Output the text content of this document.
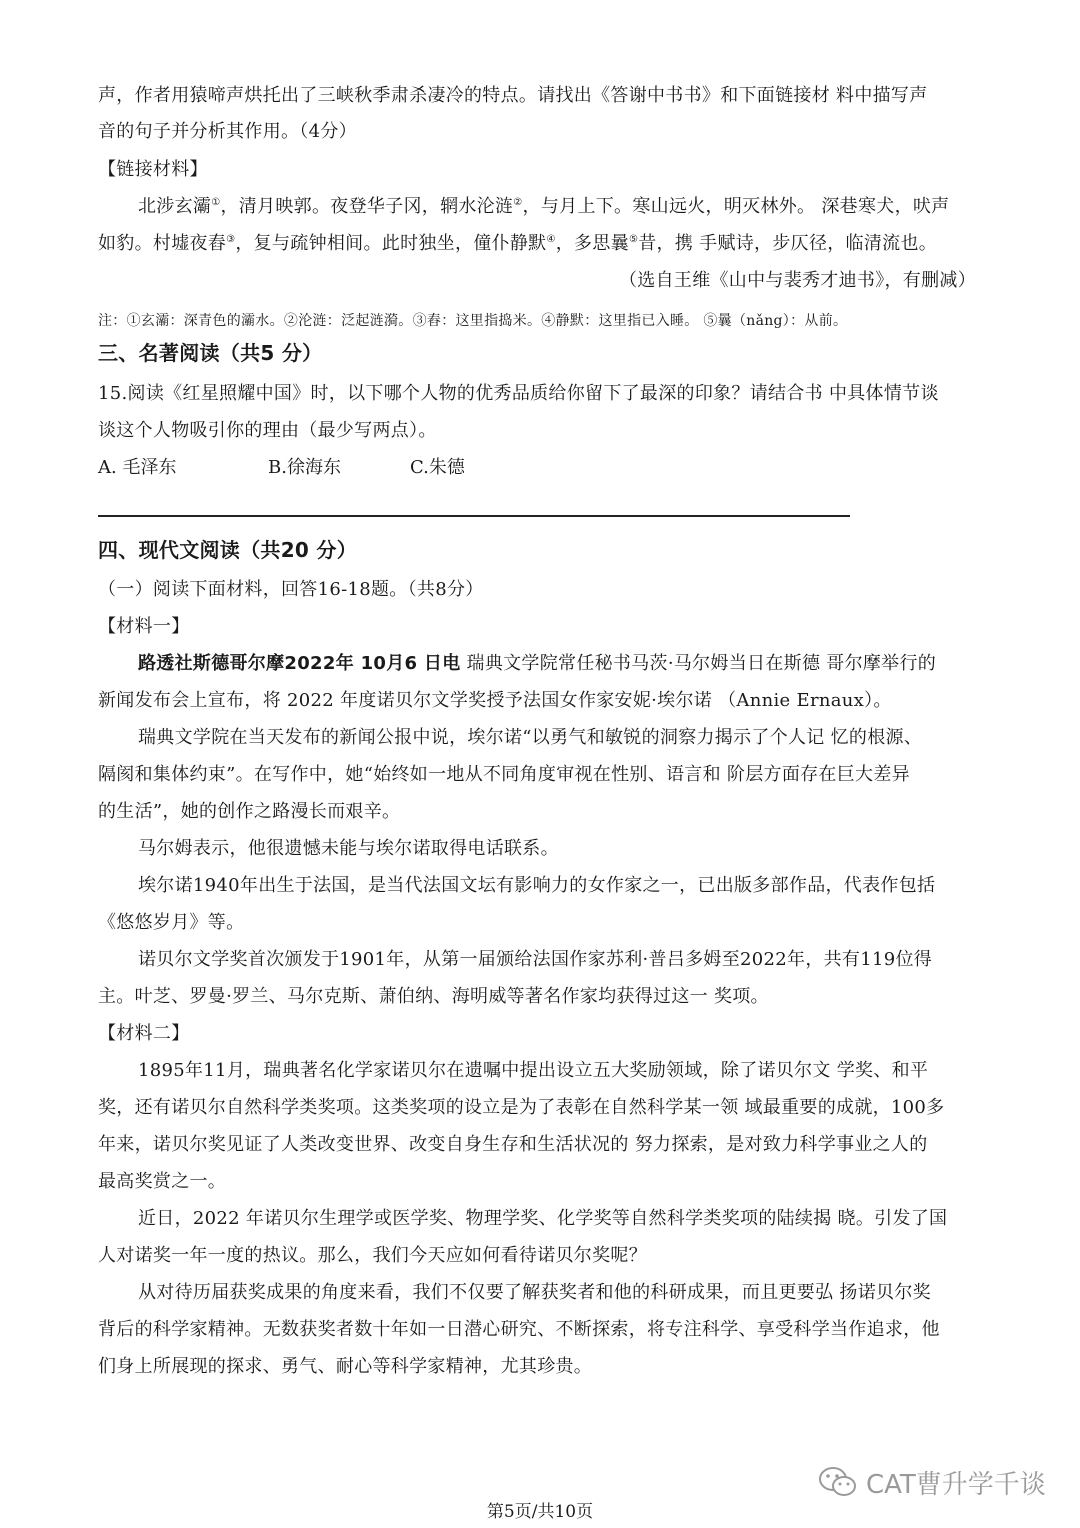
声，作者用猿啼声烘托出了三峡秋季肃杀凄冷的特点。请找出《答谢中书书》和下面链接材 料中描写声
音的句子并分析其作用。（4分）
【链接材料】
北涉玄灞①，清月映郭。夜登华子冈，辋水沦涟②，与月上下。寒山远火，明灭林外。 深巷寒犬，吠声
如豹。村墟夜舂③，复与疏钟相间。此时独坐，僮仆静默④，多思曩⑤昔，携 手赋诗，步仄径，临清流也。
（选自王维《山中与裴秀才迪书》，有删减）
注：①玄灞：深青色的灞水。②沦涟：泛起涟漪。③舂：这里指捣米。④静默：这里指已入睡。 ⑤曩（nǎng）：从前。
三、名著阅读（共5 分）
15.阅读《红星照耀中国》时，以下哪个人物的优秀品质给你留下了最深的印象？请结合书 中具体情节谈
谈这个人物吸引你的理由（最少写两点）。
A. 毛泽东	B.徐海东	C.朱德
四、现代文阅读（共20 分）
（一）阅读下面材料，回答16-18题。（共8分）
【材料一】
路透社斯德哥尔摩2022年 10月6 日电 瑞典文学院常任秘书马茨·马尔姆当日在斯德 哥尔摩举行的
新闻发布会上宣布，将 2022 年度诺贝尔文学奖授予法国女作家安妮·埃尔诺 （Annie Ernaux）。
瑞典文学院在当天发布的新闻公报中说，埃尔诺“以勇气和敏锐的洞察力揭示了个人记 忆的根源、
隔阂和集体约束”。在写作中，她“始终如一地从不同角度审视在性别、语言和 阶层方面存在巨大差异
的生活”，她的创作之路漫长而艰辛。
马尔姆表示，他很遗憾未能与埃尔诺取得电话联系。
埃尔诺1940年出生于法国，是当代法国文坛有影响力的女作家之一，已出版多部作品，代表作包括
《悠悠岁月》等。
诺贝尔文学奖首次颁发于1901年，从第一届颁给法国作家苏利·普吕多姆至2022年，共有119位得
主。叶芝、罗曼·罗兰、马尔克斯、萧伯纳、海明威等著名作家均获得过这一 奖项。
【材料二】
1895年11月，瑞典著名化学家诺贝尔在遗嘱中提出设立五大奖励领域，除了诺贝尔文 学奖、和平
奖，还有诺贝尔自然科学类奖项。这类奖项的设立是为了表彰在自然科学某一领 域最重要的成就，100多
年来，诺贝尔奖见证了人类改变世界、改变自身生存和生活状况的 努力探索，是对致力科学事业之人的
最高奖赏之一。
近日，2022 年诺贝尔生理学或医学奖、物理学奖、化学奖等自然科学类奖项的陆续揭 晓。引发了国
人对诺奖一年一度的热议。那么，我们今天应如何看待诺贝尔奖呢？
从对待历届获奖成果的角度来看，我们不仅要了解获奖者和他的科研成果，而且更要弘 扬诺贝尔奖
背后的科学家精神。无数获奖者数十年如一日潜心研究、不断探索，将专注科学、享受科学当作追求，他
们身上所展现的探求、勇气、耐心等科学家精神，尤其珍贵。
CAT曹升学千谈
第5页/共10页
